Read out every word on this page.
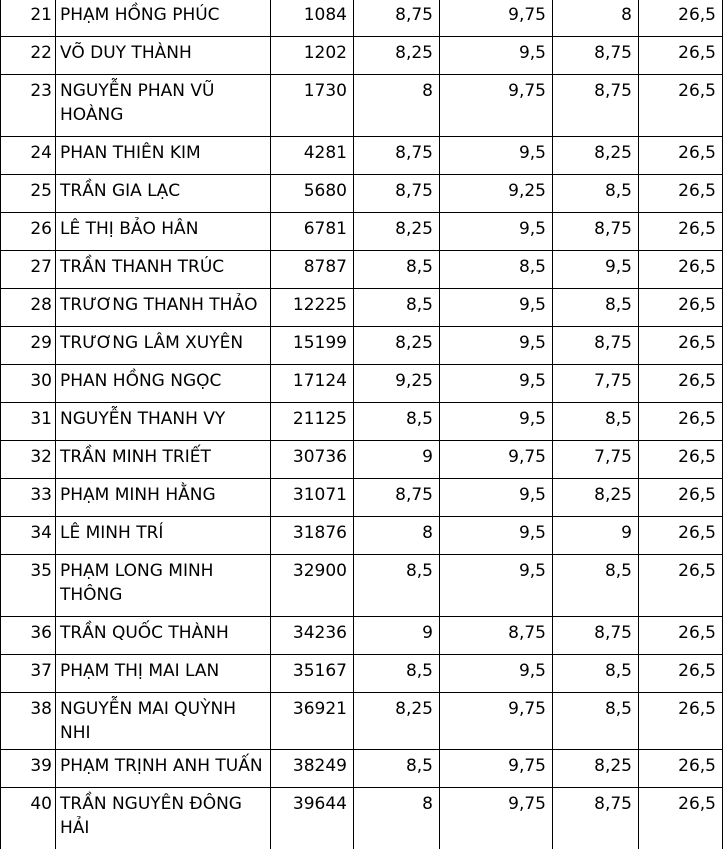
21	PHẠM HỒNG PHÚC	1084	8,75	9,75	8	26,5
22	VÕ DUY THÀNH	1202	8,25	9,5	8,75	26,5
23	NGUYỄN PHAN VŨ HOÀNG	1730	8	9,75	8,75	26,5
24	PHAN THIÊN KIM	4281	8,75	9,5	8,25	26,5
25	TRẦN GIA LẠC	5680	8,75	9,25	8,5	26,5
26	LÊ THỊ BẢO HÂN	6781	8,25	9,5	8,75	26,5
27	TRẦN THANH TRÚC	8787	8,5	8,5	9,5	26,5
28	TRƯƠNG THANH THẢO	12225	8,5	9,5	8,5	26,5
29	TRƯƠNG LÂM XUYÊN	15199	8,25	9,5	8,75	26,5
30	PHAN HỒNG NGỌC	17124	9,25	9,5	7,75	26,5
31	NGUYỄN THANH VY	21125	8,5	9,5	8,5	26,5
32	TRẦN MINH TRIẾT	30736	9	9,75	7,75	26,5
33	PHẠM MINH HẰNG	31071	8,75	9,5	8,25	26,5
34	LÊ MINH TRÍ	31876	8	9,5	9	26,5
35	PHẠM LONG MINH THÔNG	32900	8,5	9,5	8,5	26,5
36	TRẦN QUỐC THÀNH	34236	9	8,75	8,75	26,5
37	PHẠM THỊ MAI LAN	35167	8,5	9,5	8,5	26,5
38	NGUYỄN MAI QUỲNH NHI	36921	8,25	9,75	8,5	26,5
39	PHẠM TRỊNH ANH TUẤN	38249	8,5	9,75	8,25	26,5
40	TRẦN NGUYÊN ĐÔNG HẢI	39644	8	9,75	8,75	26,5
